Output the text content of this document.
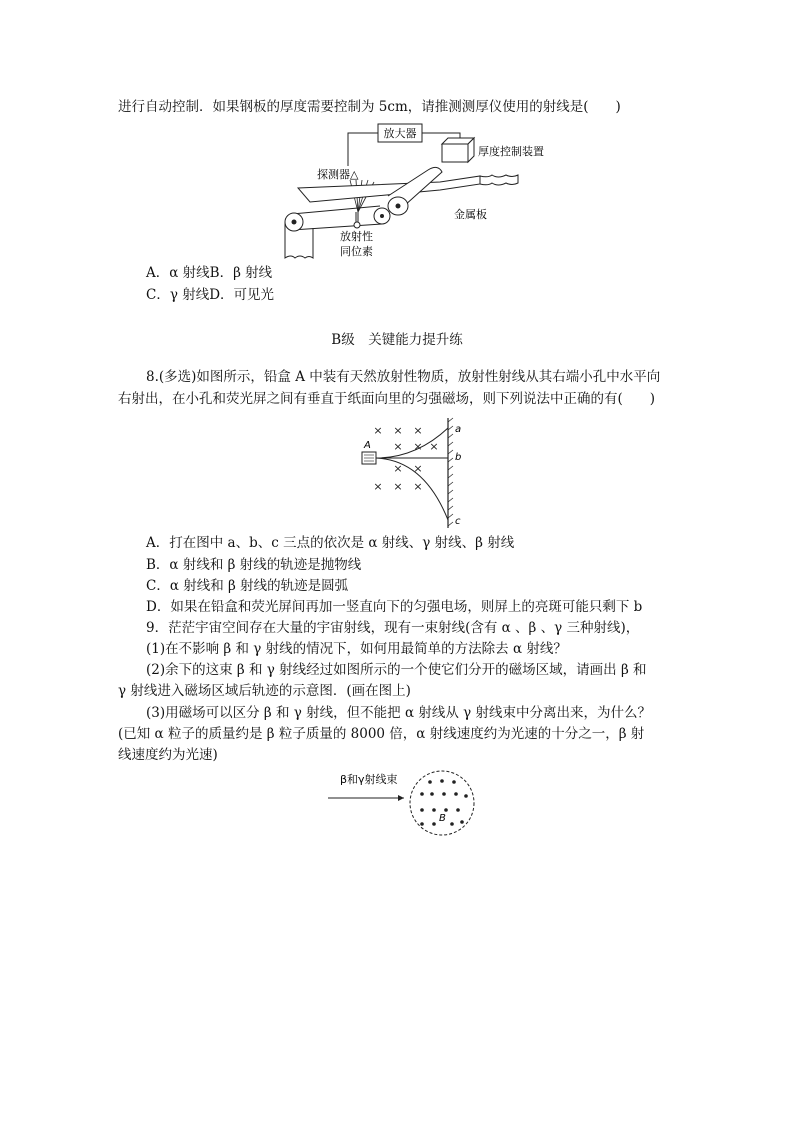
进行自动控制．如果钢板的厚度需要控制为 5cm，请推测测厚仪使用的射线是(　　)
放大器
厚度控制装置
探测器△
金属板
放射性
同位素
A．α 射线B．β 射线
C．γ 射线D．可见光
B级　关键能力提升练
8.(多选)如图所示，铅盒 A 中装有天然放射性物质，放射性射线从其右端小孔中水平向
右射出，在小孔和荧光屏之间有垂直于纸面向里的匀强磁场，则下列说法中正确的有(　　)
× × ×
× × ×
× ×
× × ×
A
a
b
c
A．打在图中 a、b、c 三点的依次是 α 射线、γ 射线、β 射线
B．α 射线和 β 射线的轨迹是抛物线
C．α 射线和 β 射线的轨迹是圆弧
D．如果在铅盒和荧光屏间再加一竖直向下的匀强电场，则屏上的亮斑可能只剩下 b
9．茫茫宇宙空间存在大量的宇宙射线，现有一束射线(含有 α 、β 、γ 三种射线)，
(1)在不影响 β 和 γ 射线的情况下，如何用最简单的方法除去 α 射线？
(2)余下的这束 β 和 γ 射线经过如图所示的一个使它们分开的磁场区域，请画出 β 和
γ 射线进入磁场区域后轨迹的示意图．(画在图上)
(3)用磁场可以区分 β 和 γ 射线，但不能把 α 射线从 γ 射线束中分离出来，为什么？
(已知 α 粒子的质量约是 β 粒子质量的 8000 倍，α 射线速度约为光速的十分之一，β 射
线速度约为光速)
β和γ射线束
B
